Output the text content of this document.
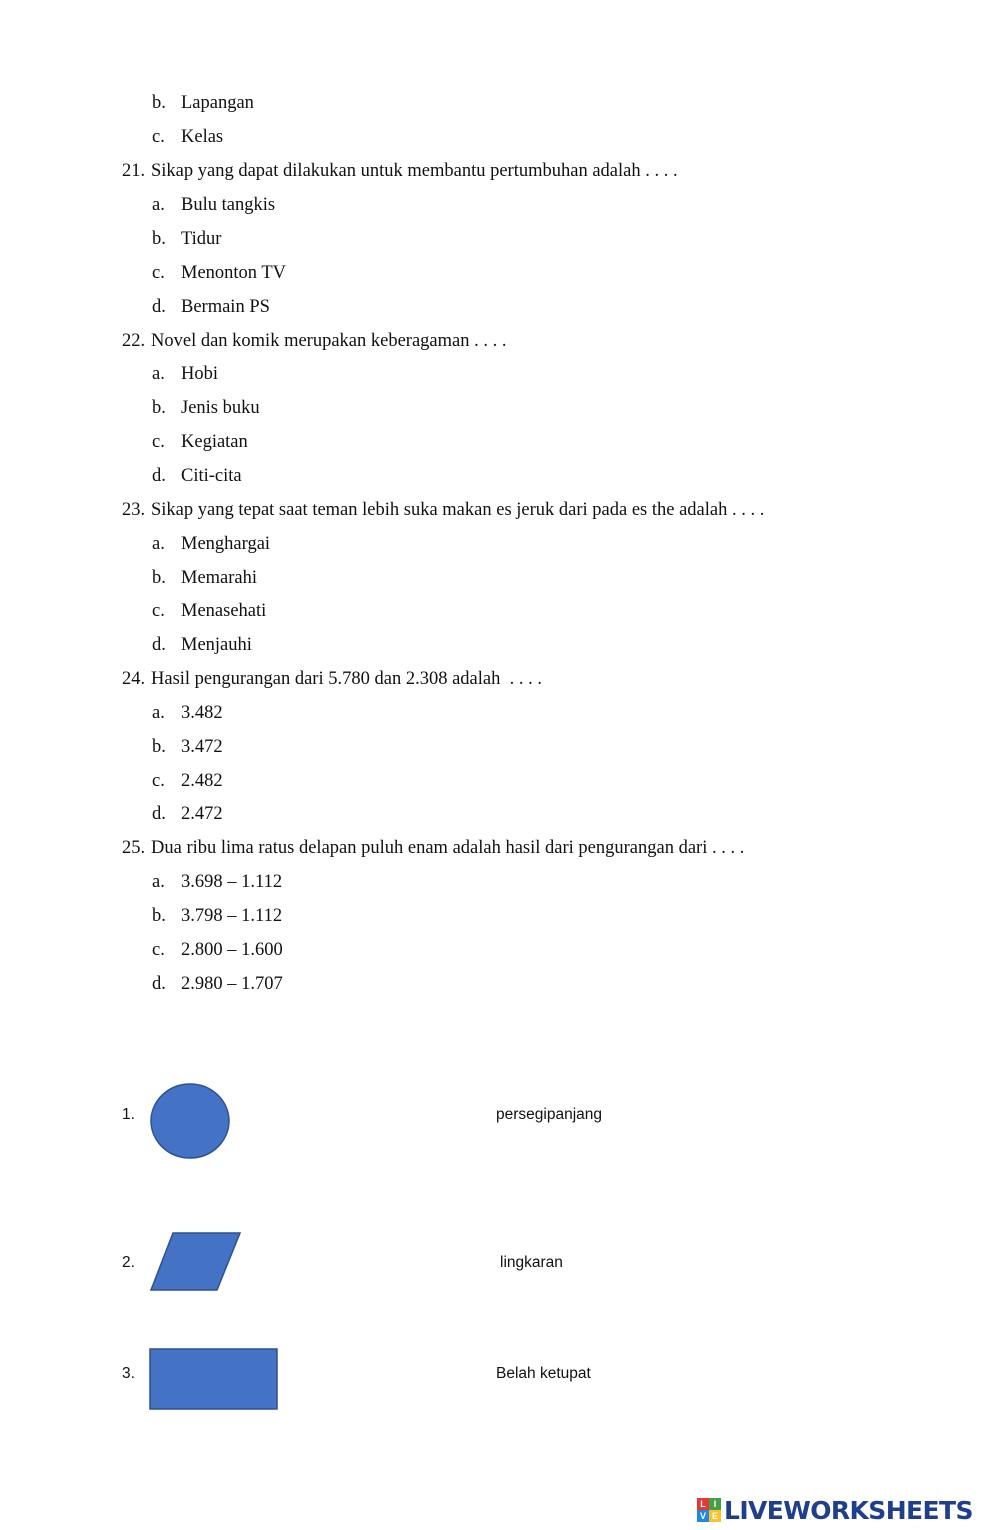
b. Lapangan
c. Kelas
21. Sikap yang dapat dilakukan untuk membantu pertumbuhan adalah . . . .
a. Bulu tangkis
b. Tidur
c. Menonton TV
d. Bermain PS
22. Novel dan komik merupakan keberagaman . . . .
a. Hobi
b. Jenis buku
c. Kegiatan
d. Citi-cita
23. Sikap yang tepat saat teman lebih suka makan es jeruk dari pada es the adalah . . . .
a. Menghargai
b. Memarahi
c. Menasehati
d. Menjauhi
24. Hasil pengurangan dari 5.780 dan 2.308 adalah  . . . .
a. 3.482
b. 3.472
c. 2.482
d. 2.472
25. Dua ribu lima ratus delapan puluh enam adalah hasil dari pengurangan dari . . . .
a. 3.698 – 1.112
b. 3.798 – 1.112
c. 2.800 – 1.600
d. 2.980 – 1.707
1.	persegipanjang
2.	lingkaran
3.	Belah ketupat
L I
V E LIVEWORKSHEETS
